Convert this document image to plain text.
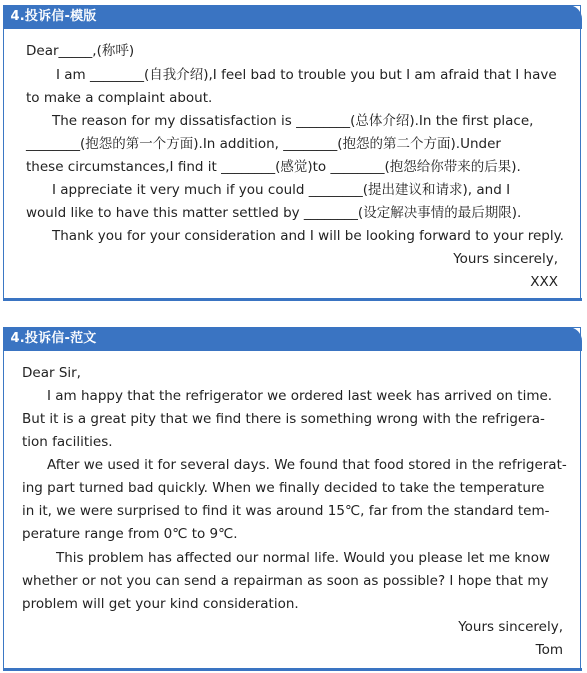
4.投诉信-模版
Dear_____,(称呼)
I am ________(自我介绍),I feel bad to trouble you but I am afraid that I have
to make a complaint about.
The reason for my dissatisfaction is ________(总体介绍).In the first place,
________(抱怨的第一个方面).In addition, ________(抱怨的第二个方面).Under
these circumstances,I find it ________(感觉)to ________(抱怨给你带来的后果).
I appreciate it very much if you could ________(提出建议和请求), and I
would like to have this matter settled by ________(设定解决事情的最后期限).
Thank you for your consideration and I will be looking forward to your reply.
Yours sincerely,
XXX
4.投诉信-范文
Dear Sir,
I am happy that the refrigerator we ordered last week has arrived on time.
But it is a great pity that we find there is something wrong with the refrigera-
tion facilities.
After we used it for several days. We found that food stored in the refrigerat-
ing part turned bad quickly. When we finally decided to take the temperature
in it, we were surprised to find it was around 15℃, far from the standard tem-
perature range from 0℃ to 9℃.
This problem has affected our normal life. Would you please let me know
whether or not you can send a repairman as soon as possible? I hope that my
problem will get your kind consideration.
Yours sincerely,
Tom
